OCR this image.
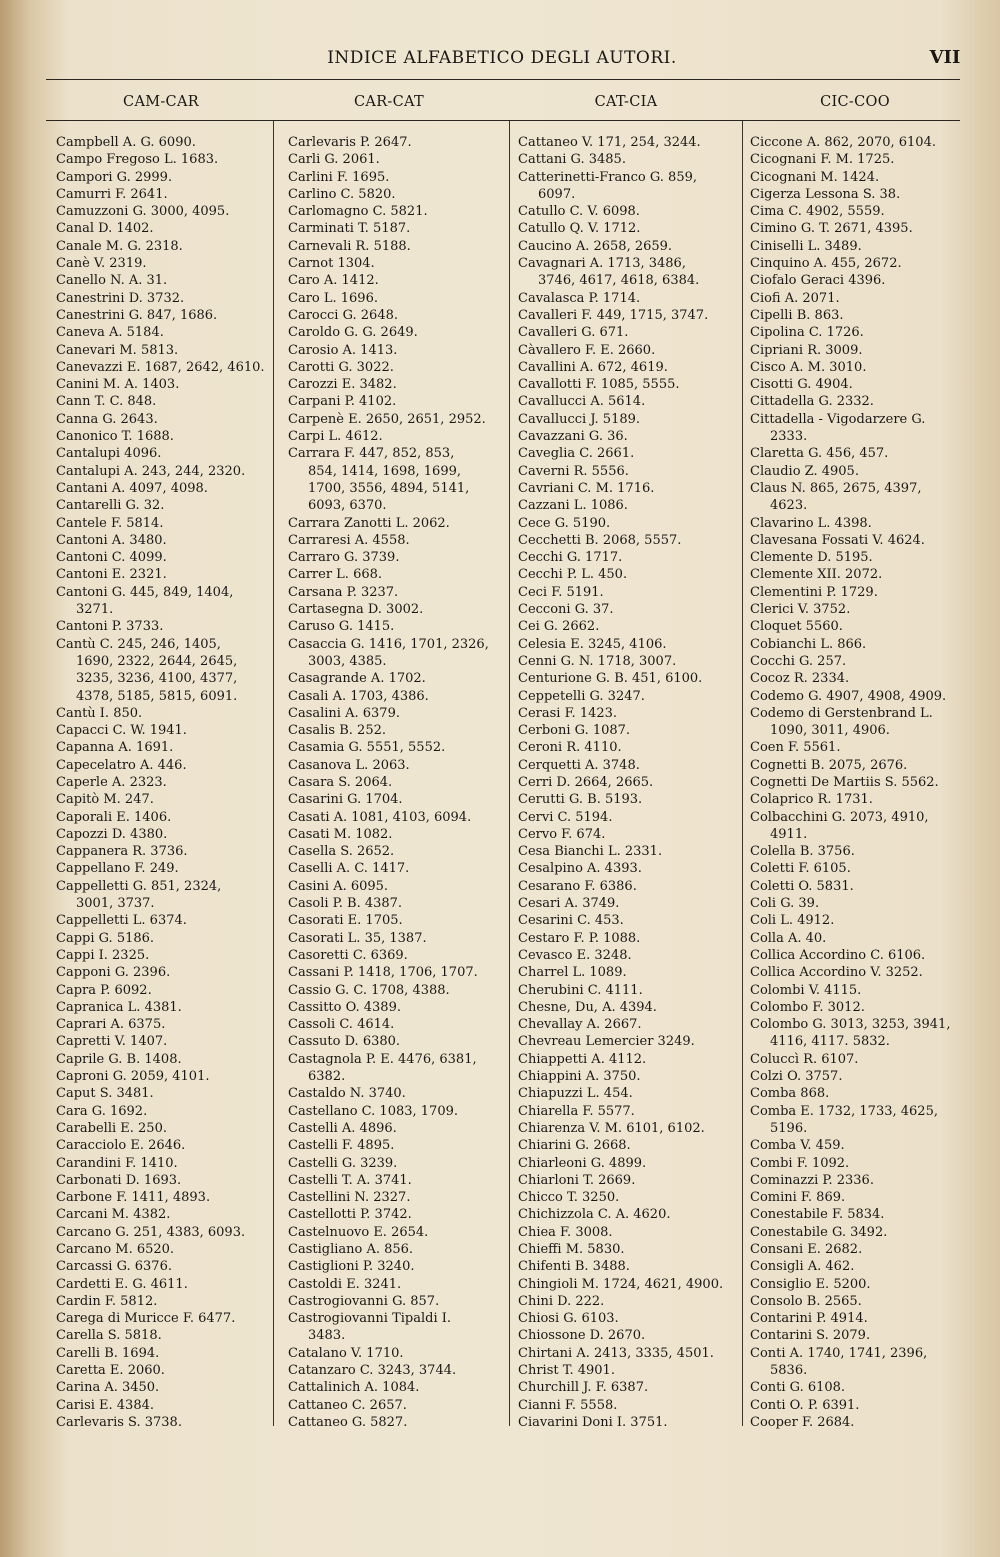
INDICE ALFABETICO DEGLI AUTORI.	VII
CAM-CAR	CAR-CAT	CAT-CIA	CIC-COO
Campbell A. G. 6090.
Campo Fregoso L. 1683.
Campori G. 2999.
Camurri F. 2641.
Camuzzoni G. 3000, 4095.
Canal D. 1402.
Canale M. G. 2318.
Canè V. 2319.
Canello N. A. 31.
Canestrini D. 3732.
Canestrini G. 847, 1686.
Caneva A. 5184.
Canevari M. 5813.
Canevazzi E. 1687, 2642, 4610.
Canini M. A. 1403.
Cann T. C. 848.
Canna G. 2643.
Canonico T. 1688.
Cantalupi 4096.
Cantalupi A. 243, 244, 2320.
Cantani A. 4097, 4098.
Cantarelli G. 32.
Cantele F. 5814.
Cantoni A. 3480.
Cantoni C. 4099.
Cantoni E. 2321.
Cantoni G. 445, 849, 1404,
3271.
Cantoni P. 3733.
Cantù C. 245, 246, 1405,
1690, 2322, 2644, 2645,
3235, 3236, 4100, 4377,
4378, 5185, 5815, 6091.
Cantù I. 850.
Capacci C. W. 1941.
Capanna A. 1691.
Capecelatro A. 446.
Caperle A. 2323.
Capitò M. 247.
Caporali E. 1406.
Capozzi D. 4380.
Cappanera R. 3736.
Cappellano F. 249.
Cappelletti G. 851, 2324,
3001, 3737.
Cappelletti L. 6374.
Cappi G. 5186.
Cappi I. 2325.
Capponi G. 2396.
Capra P. 6092.
Capranica L. 4381.
Caprari A. 6375.
Capretti V. 1407.
Caprile G. B. 1408.
Caproni G. 2059, 4101.
Caput S. 3481.
Cara G. 1692.
Carabelli E. 250.
Caracciolo E. 2646.
Carandini F. 1410.
Carbonati D. 1693.
Carbone F. 1411, 4893.
Carcani M. 4382.
Carcano G. 251, 4383, 6093.
Carcano M. 6520.
Carcassi G. 6376.
Cardetti E. G. 4611.
Cardin F. 5812.
Carega di Muricce F. 6477.
Carella S. 5818.
Carelli B. 1694.
Caretta E. 2060.
Carina A. 3450.
Carisi E. 4384.
Carlevaris S. 3738.
Carlevaris P. 2647.
Carli G. 2061.
Carlini F. 1695.
Carlino C. 5820.
Carlomagno C. 5821.
Carminati T. 5187.
Carnevali R. 5188.
Carnot 1304.
Caro A. 1412.
Caro L. 1696.
Carocci G. 2648.
Caroldo G. G. 2649.
Carosio A. 1413.
Carotti G. 3022.
Carozzi E. 3482.
Carpani P. 4102.
Carpenè E. 2650, 2651, 2952.
Carpi L. 4612.
Carrara F. 447, 852, 853,
854, 1414, 1698, 1699,
1700, 3556, 4894, 5141,
6093, 6370.
Carrara Zanotti L. 2062.
Carraresi A. 4558.
Carraro G. 3739.
Carrer L. 668.
Carsana P. 3237.
Cartasegna D. 3002.
Caruso G. 1415.
Casaccia G. 1416, 1701, 2326,
3003, 4385.
Casagrande A. 1702.
Casali A. 1703, 4386.
Casalini A. 6379.
Casalis B. 252.
Casamia G. 5551, 5552.
Casanova L. 2063.
Casara S. 2064.
Casarini G. 1704.
Casati A. 1081, 4103, 6094.
Casati M. 1082.
Casella S. 2652.
Caselli A. C. 1417.
Casini A. 6095.
Casoli P. B. 4387.
Casorati E. 1705.
Casorati L. 35, 1387.
Casoretti C. 6369.
Cassani P. 1418, 1706, 1707.
Cassio G. C. 1708, 4388.
Cassitto O. 4389.
Cassoli C. 4614.
Cassuto D. 6380.
Castagnola P. E. 4476, 6381,
6382.
Castaldo N. 3740.
Castellano C. 1083, 1709.
Castelli A. 4896.
Castelli F. 4895.
Castelli G. 3239.
Castelli T. A. 3741.
Castellini N. 2327.
Castellotti P. 3742.
Castelnuovo E. 2654.
Castigliano A. 856.
Castiglioni P. 3240.
Castoldi E. 3241.
Castrogiovanni G. 857.
Castrogiovanni Tipaldi I.
3483.
Catalano V. 1710.
Catanzaro C. 3243, 3744.
Cattalinich A. 1084.
Cattaneo C. 2657.
Cattaneo G. 5827.
Cattaneo V. 171, 254, 3244.
Cattani G. 3485.
Catterinetti-Franco G. 859,
6097.
Catullo C. V. 6098.
Catullo Q. V. 1712.
Caucino A. 2658, 2659.
Cavagnari A. 1713, 3486,
3746, 4617, 4618, 6384.
Cavalasca P. 1714.
Cavalleri F. 449, 1715, 3747.
Cavalleri G. 671.
Càvallero F. E. 2660.
Cavallini A. 672, 4619.
Cavallotti F. 1085, 5555.
Cavallucci A. 5614.
Cavallucci J. 5189.
Cavazzani G. 36.
Caveglia C. 2661.
Caverni R. 5556.
Cavriani C. M. 1716.
Cazzani L. 1086.
Cece G. 5190.
Cecchetti B. 2068, 5557.
Cecchi G. 1717.
Cecchi P. L. 450.
Ceci F. 5191.
Cecconi G. 37.
Cei G. 2662.
Celesia E. 3245, 4106.
Cenni G. N. 1718, 3007.
Centurione G. B. 451, 6100.
Ceppetelli G. 3247.
Cerasi F. 1423.
Cerboni G. 1087.
Ceroni R. 4110.
Cerquetti A. 3748.
Cerri D. 2664, 2665.
Cerutti G. B. 5193.
Cervi C. 5194.
Cervo F. 674.
Cesa Bianchi L. 2331.
Cesalpino A. 4393.
Cesarano F. 6386.
Cesari A. 3749.
Cesarini C. 453.
Cestaro F. P. 1088.
Cevasco E. 3248.
Charrel L. 1089.
Cherubini C. 4111.
Chesne, Du, A. 4394.
Chevallay A. 2667.
Chevreau Lemercier 3249.
Chiappetti A. 4112.
Chiappini A. 3750.
Chiapuzzi L. 454.
Chiarella F. 5577.
Chiarenza V. M. 6101, 6102.
Chiarini G. 2668.
Chiarleoni G. 4899.
Chiarloni T. 2669.
Chicco T. 3250.
Chichizzola C. A. 4620.
Chiea F. 3008.
Chieffi M. 5830.
Chifenti B. 3488.
Chingioli M. 1724, 4621, 4900.
Chini D. 222.
Chiosi G. 6103.
Chiossone D. 2670.
Chirtani A. 2413, 3335, 4501.
Christ T. 4901.
Churchill J. F. 6387.
Cianni F. 5558.
Ciavarini Doni I. 3751.
Ciccone A. 862, 2070, 6104.
Cicognani F. M. 1725.
Cicognani M. 1424.
Cigerza Lessona S. 38.
Cima C. 4902, 5559.
Cimino G. T. 2671, 4395.
Ciniselli L. 3489.
Cinquino A. 455, 2672.
Ciofalo Geraci 4396.
Ciofi A. 2071.
Cipelli B. 863.
Cipolina C. 1726.
Cipriani R. 3009.
Cisco A. M. 3010.
Cisotti G. 4904.
Cittadella G. 2332.
Cittadella - Vigodarzere G.
2333.
Claretta G. 456, 457.
Claudio Z. 4905.
Claus N. 865, 2675, 4397,
4623.
Clavarino L. 4398.
Clavesana Fossati V. 4624.
Clemente D. 5195.
Clemente XII. 2072.
Clementini P. 1729.
Clerici V. 3752.
Cloquet 5560.
Cobianchi L. 866.
Cocchi G. 257.
Cocoz R. 2334.
Codemo G. 4907, 4908, 4909.
Codemo di Gerstenbrand L.
1090, 3011, 4906.
Coen F. 5561.
Cognetti B. 2075, 2676.
Cognetti De Martiis S. 5562.
Colaprico R. 1731.
Colbacchini G. 2073, 4910,
4911.
Colella B. 3756.
Coletti F. 6105.
Coletti O. 5831.
Coli G. 39.
Coli L. 4912.
Colla A. 40.
Collica Accordino C. 6106.
Collica Accordino V. 3252.
Colombi V. 4115.
Colombo F. 3012.
Colombo G. 3013, 3253, 3941,
4116, 4117. 5832.
Coluccì R. 6107.
Colzi O. 3757.
Comba 868.
Comba E. 1732, 1733, 4625,
5196.
Comba V. 459.
Combi F. 1092.
Cominazzi P. 2336.
Comini F. 869.
Conestabile F. 5834.
Conestabile G. 3492.
Consani E. 2682.
Consigli A. 462.
Consiglio E. 5200.
Consolo B. 2565.
Contarini P. 4914.
Contarini S. 2079.
Conti A. 1740, 1741, 2396,
5836.
Conti G. 6108.
Conti O. P. 6391.
Cooper F. 2684.
